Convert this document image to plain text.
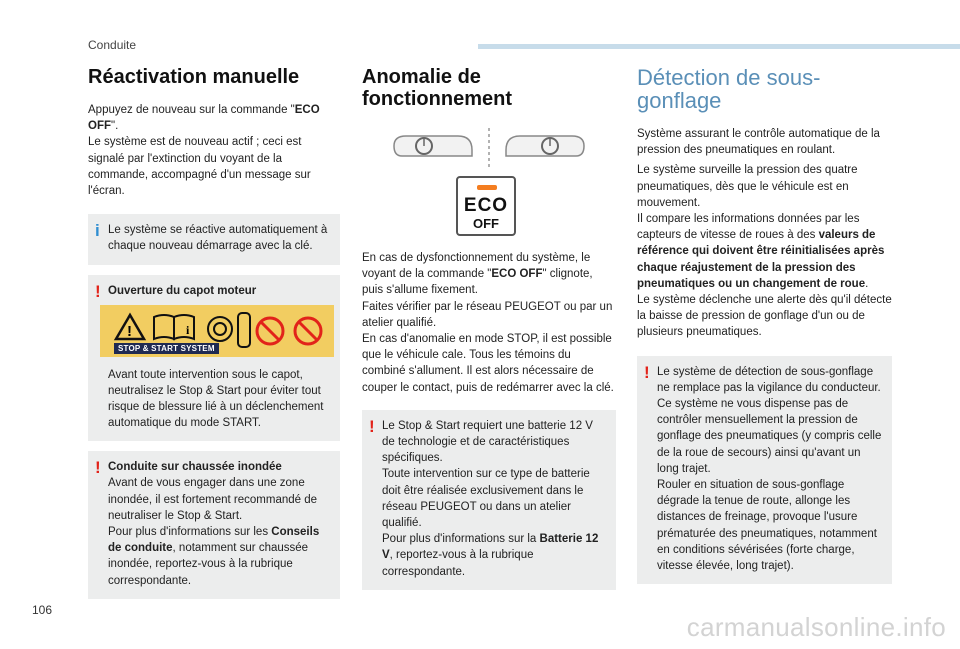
Conduite
Réactivation manuelle

Appuyez de nouveau sur la commande "ECO OFF".
Le système est de nouveau actif ; ceci est signalé par l'extinction du voyant de la commande, accompagné d'un message sur l'écran.

i Le système se réactive automatiquement à chaque nouveau démarrage avec la clé.

! Ouverture du capot moteur
!	i
STOP & START SYSTEM

Avant toute intervention sous le capot, neutralisez le Stop & Start pour éviter tout risque de blessure lié à un déclenchement automatique du mode START.

! Conduite sur chaussée inondée

Avant de vous engager dans une zone inondée, il est fortement recommandé de neutraliser le Stop & Start.
Pour plus d'informations sur les Conseils de conduite, notamment sur chaussée inondée, reportez-vous à la rubrique correspondante.

Anomalie de fonctionnement
ECO
OFF

En cas de dysfonctionnement du système, le voyant de la commande "ECO OFF" clignote, puis s'allume fixement.
Faites vérifier par le réseau PEUGEOT ou par un atelier qualifié.
En cas d'anomalie en mode STOP, il est possible que le véhicule cale. Tous les témoins du combiné s'allument. Il est alors nécessaire de couper le contact, puis de redémarrer avec la clé.

! Le Stop & Start requiert une batterie 12 V de technologie et de caractéristiques spécifiques.
Toute intervention sur ce type de batterie doit être réalisée exclusivement dans le réseau PEUGEOT ou dans un atelier qualifié.
Pour plus d'informations sur la Batterie 12 V, reportez-vous à la rubrique correspondante.

Détection de sous-gonflage

Système assurant le contrôle automatique de la pression des pneumatiques en roulant.

Le système surveille la pression des quatre pneumatiques, dès que le véhicule est en mouvement.
Il compare les informations données par les capteurs de vitesse de roues à des valeurs de référence qui doivent être réinitialisées après chaque réajustement de la pression des pneumatiques ou un changement de roue.
Le système déclenche une alerte dès qu'il détecte la baisse de pression de gonflage d'un ou de plusieurs pneumatiques.

! Le système de détection de sous-gonflage ne remplace pas la vigilance du conducteur.
Ce système ne vous dispense pas de contrôler mensuellement la pression de gonflage des pneumatiques (y compris celle de la roue de secours) ainsi qu'avant un long trajet.
Rouler en situation de sous-gonflage dégrade la tenue de route, allonge les distances de freinage, provoque l'usure prématurée des pneumatiques, notamment en conditions sévérisées (forte charge, vitesse élevée, long trajet).

106
carmanualsonline.info
